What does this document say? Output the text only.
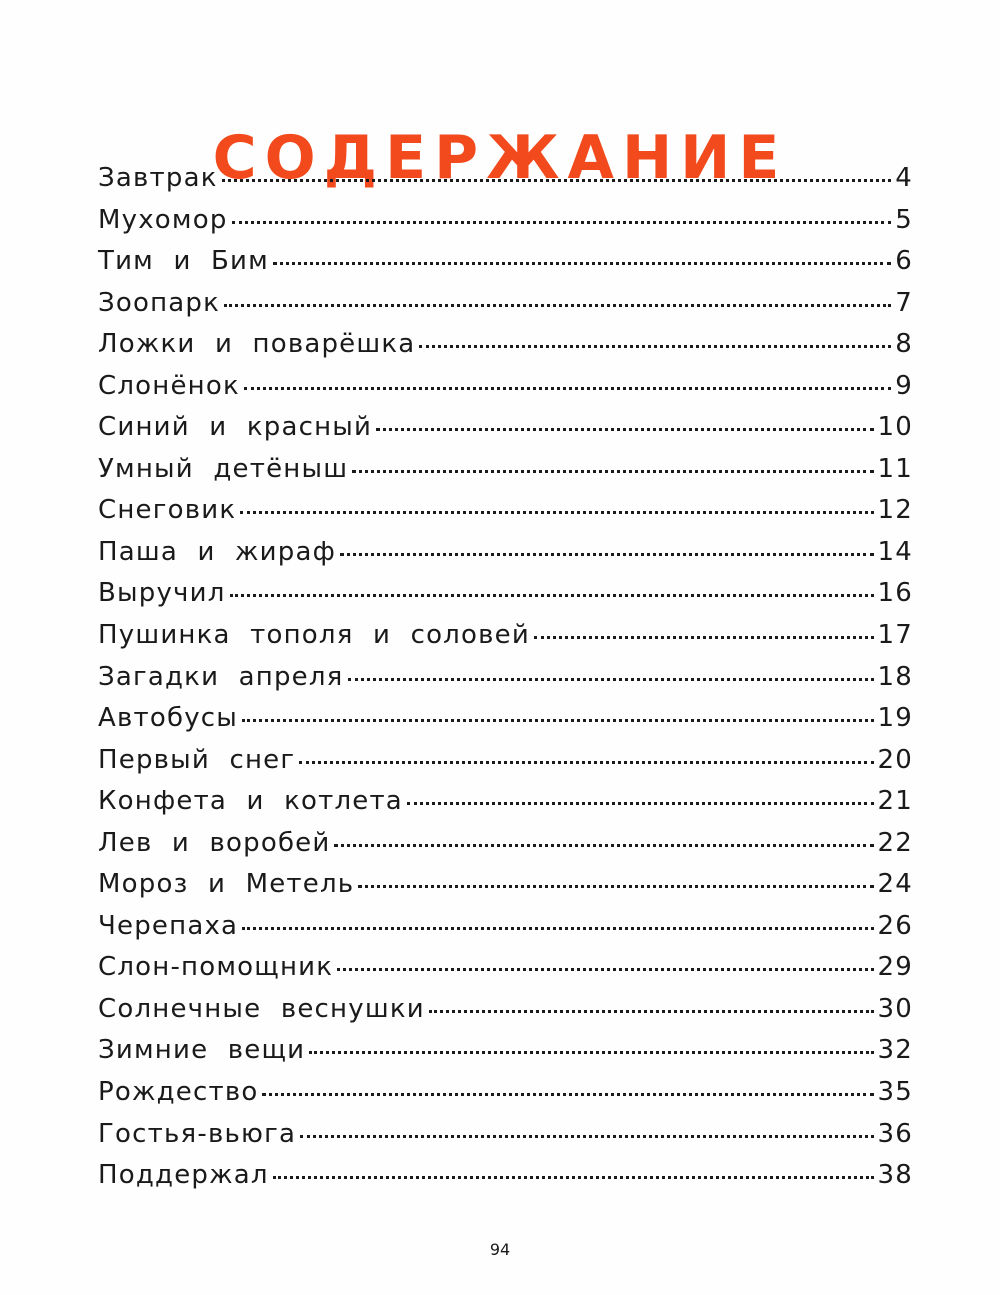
СОДЕРЖАНИЕ
Завтрак	4
Мухомор	5
Тим и Бим	6
Зоопарк	7
Ложки и поварёшка	8
Слонёнок	9
Синий и красный	10
Умный детёныш	11
Снеговик	12
Паша и жираф	14
Выручил	16
Пушинка тополя и соловей	17
Загадки апреля	18
Автобусы	19
Первый снег	20
Конфета и котлета	21
Лев и воробей	22
Мороз и Метель	24
Черепаха	26
Слон-помощник	29
Солнечные веснушки	30
Зимние вещи	32
Рождество	35
Гостья-вьюга	36
Поддержал	38
94
